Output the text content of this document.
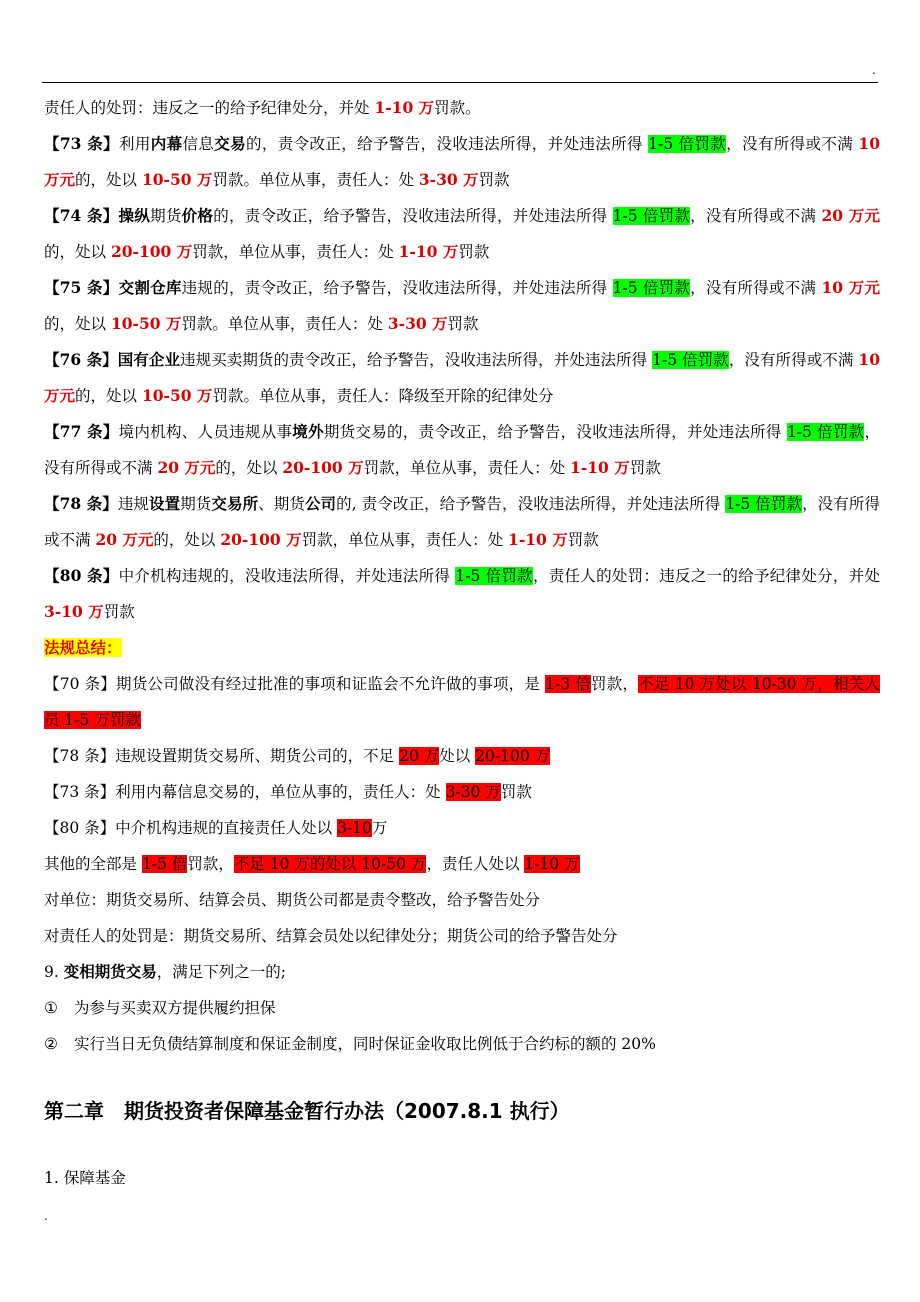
.

责任人的处罚：违反之一的给予纪律处分，并处 1-10 万罚款。

【73 条】利用内幕信息交易的，责令改正，给予警告，没收违法所得，并处违法所得 1-5 倍罚款，没有所得或不满 10 万元的，处以 10-50 万罚款。单位从事，责任人：处 3-30 万罚款

【74 条】操纵期货价格的，责令改正，给予警告，没收违法所得，并处违法所得 1-5 倍罚款，没有所得或不满 20 万元的，处以 20-100 万罚款，单位从事，责任人：处 1-10 万罚款

【75 条】交割仓库违规的，责令改正，给予警告，没收违法所得，并处违法所得 1-5 倍罚款，没有所得或不满 10 万元的，处以 10-50 万罚款。单位从事，责任人：处 3-30 万罚款

【76 条】国有企业违规买卖期货的责令改正，给予警告，没收违法所得，并处违法所得 1-5 倍罚款，没有所得或不满 10 万元的，处以 10-50 万罚款。单位从事，责任人：降级至开除的纪律处分

【77 条】境内机构、人员违规从事境外期货交易的，责令改正，给予警告，没收违法所得，并处违法所得 1-5 倍罚款，没有所得或不满 20 万元的，处以 20-100 万罚款，单位从事，责任人：处 1-10 万罚款

【78 条】违规设置期货交易所、期货公司的, 责令改正，给予警告，没收违法所得，并处违法所得 1-5 倍罚款，没有所得或不满 20 万元的，处以 20-100 万罚款，单位从事，责任人：处 1-10 万罚款

【80 条】中介机构违规的，没收违法所得，并处违法所得 1-5 倍罚款，责任人的处罚：违反之一的给予纪律处分，并处 3-10 万罚款

法规总结：

【70 条】期货公司做没有经过批准的事项和证监会不允许做的事项，是 1-3 倍罚款，不足 10 万处以 10-30 万，相关人员 1-5 万罚款

【78 条】违规设置期货交易所、期货公司的，不足 20 万处以 20-100 万

【73 条】利用内幕信息交易的，单位从事的，责任人：处 3-30 万罚款

【80 条】中介机构违规的直接责任人处以 3-10万

其他的全部是 1-5 倍罚款，不足 10 万的处以 10-50 万，责任人处以 1-10 万

对单位：期货交易所、结算会员、期货公司都是责令整改，给予警告处分

对责任人的处罚是：期货交易所、结算会员处以纪律处分；期货公司的给予警告处分

9. 变相期货交易，满足下列之一的;

① 为参与买卖双方提供履约担保

② 实行当日无负债结算制度和保证金制度，同时保证金收取比例低于合约标的额的 20%

第二章　期货投资者保障基金暂行办法（2007.8.1 执行）

1. 保障基金

.
